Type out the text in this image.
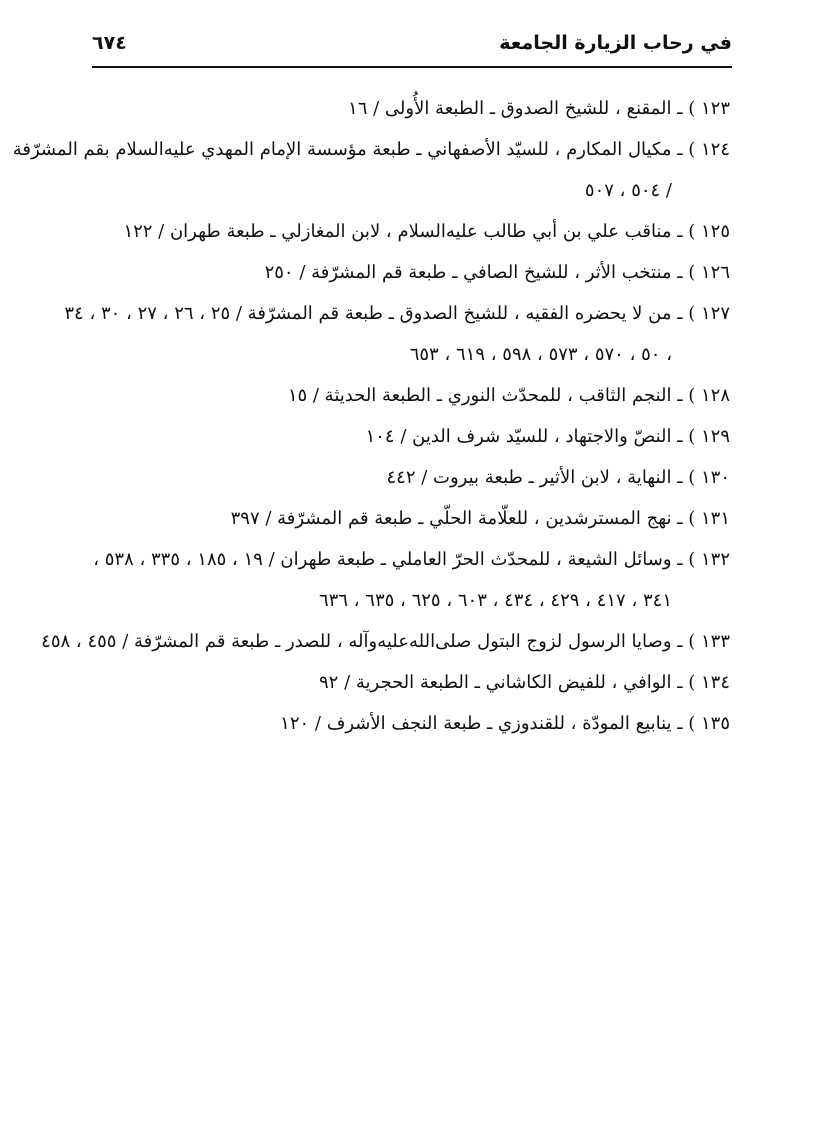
في رحاب الزيارة الجامعة
٦٧٤
١٢٣ ) ـ المقنع ، للشيخ الصدوق ـ الطبعة الأُولى / ١٦
١٢٤ ) ـ مكيال المكارم ، للسيّد الأصفهاني ـ طبعة مؤسسة الإمام المهدي عليه‌السلام بقم المشرّفة
/ ٥٠٤ ، ٥٠٧
١٢٥ ) ـ مناقب علي بن أبي طالب عليه‌السلام ، لابن المغازلي ـ طبعة طهران / ١٢٢
١٢٦ ) ـ منتخب الأثر ، للشيخ الصافي ـ طبعة قم المشرّفة / ٢٥٠
١٢٧ ) ـ من لا يحضره الفقيه ، للشيخ الصدوق ـ طبعة قم المشرّفة / ٢٥ ، ٢٦ ، ٢٧ ، ٣٠ ، ٣٤
، ٥٠ ، ٥٧٠ ، ٥٧٣ ، ٥٩٨ ، ٦١٩ ، ٦٥٣
١٢٨ ) ـ النجم الثاقب ، للمحدّث النوري ـ الطبعة الحديثة / ١٥
١٢٩ ) ـ النصّ والاجتهاد ، للسيّد شرف الدين / ١٠٤
١٣٠ ) ـ النهاية ، لابن الأثير ـ طبعة بيروت / ٤٤٢
١٣١ ) ـ نهج المسترشدين ، للعلّامة الحلّي ـ طبعة قم المشرّفة / ٣٩٧
١٣٢ ) ـ وسائل الشيعة ، للمحدّث الحرّ العاملي ـ طبعة طهران / ١٩ ، ١٨٥ ، ٣٣٥ ، ٥٣٨ ،
٣٤١ ، ٤١٧ ، ٤٢٩ ، ٤٣٤ ، ٦٠٣ ، ٦٢٥ ، ٦٣٥ ، ٦٣٦
١٣٣ ) ـ وصايا الرسول لزوج البتول صلى‌الله‌عليه‌وآله ، للصدر ـ طبعة قم المشرّفة / ٤٥٥ ، ٤٥٨
١٣٤ ) ـ الوافي ، للفيض الكاشاني ـ الطبعة الحجرية / ٩٢
١٣٥ ) ـ ينابيع المودّة ، للقندوزي ـ طبعة النجف الأشرف / ١٢٠
